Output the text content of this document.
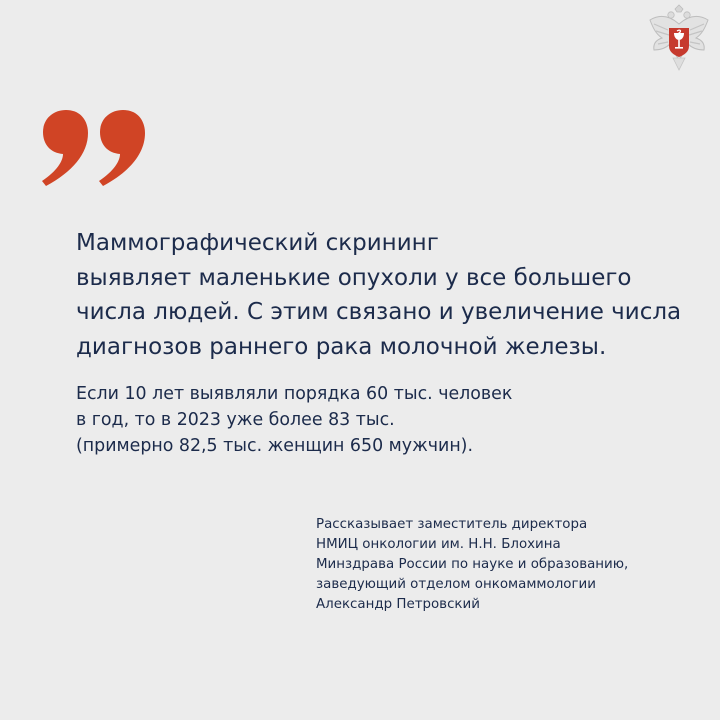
Маммографический скрининг
выявляет маленькие опухоли у все большего
числа людей. С этим связано и увеличение числа
диагнозов раннего рака молочной железы.

Если 10 лет выявляли порядка 60 тыс. человек
в год, то в 2023 уже более 83 тыс.
(примерно 82,5 тыс. женщин 650 мужчин).

Рассказывает заместитель директора
НМИЦ онкологии им. Н.Н. Блохина
Минздрава России по науке и образованию,
заведующий отделом онкомаммологии
Александр Петровский
